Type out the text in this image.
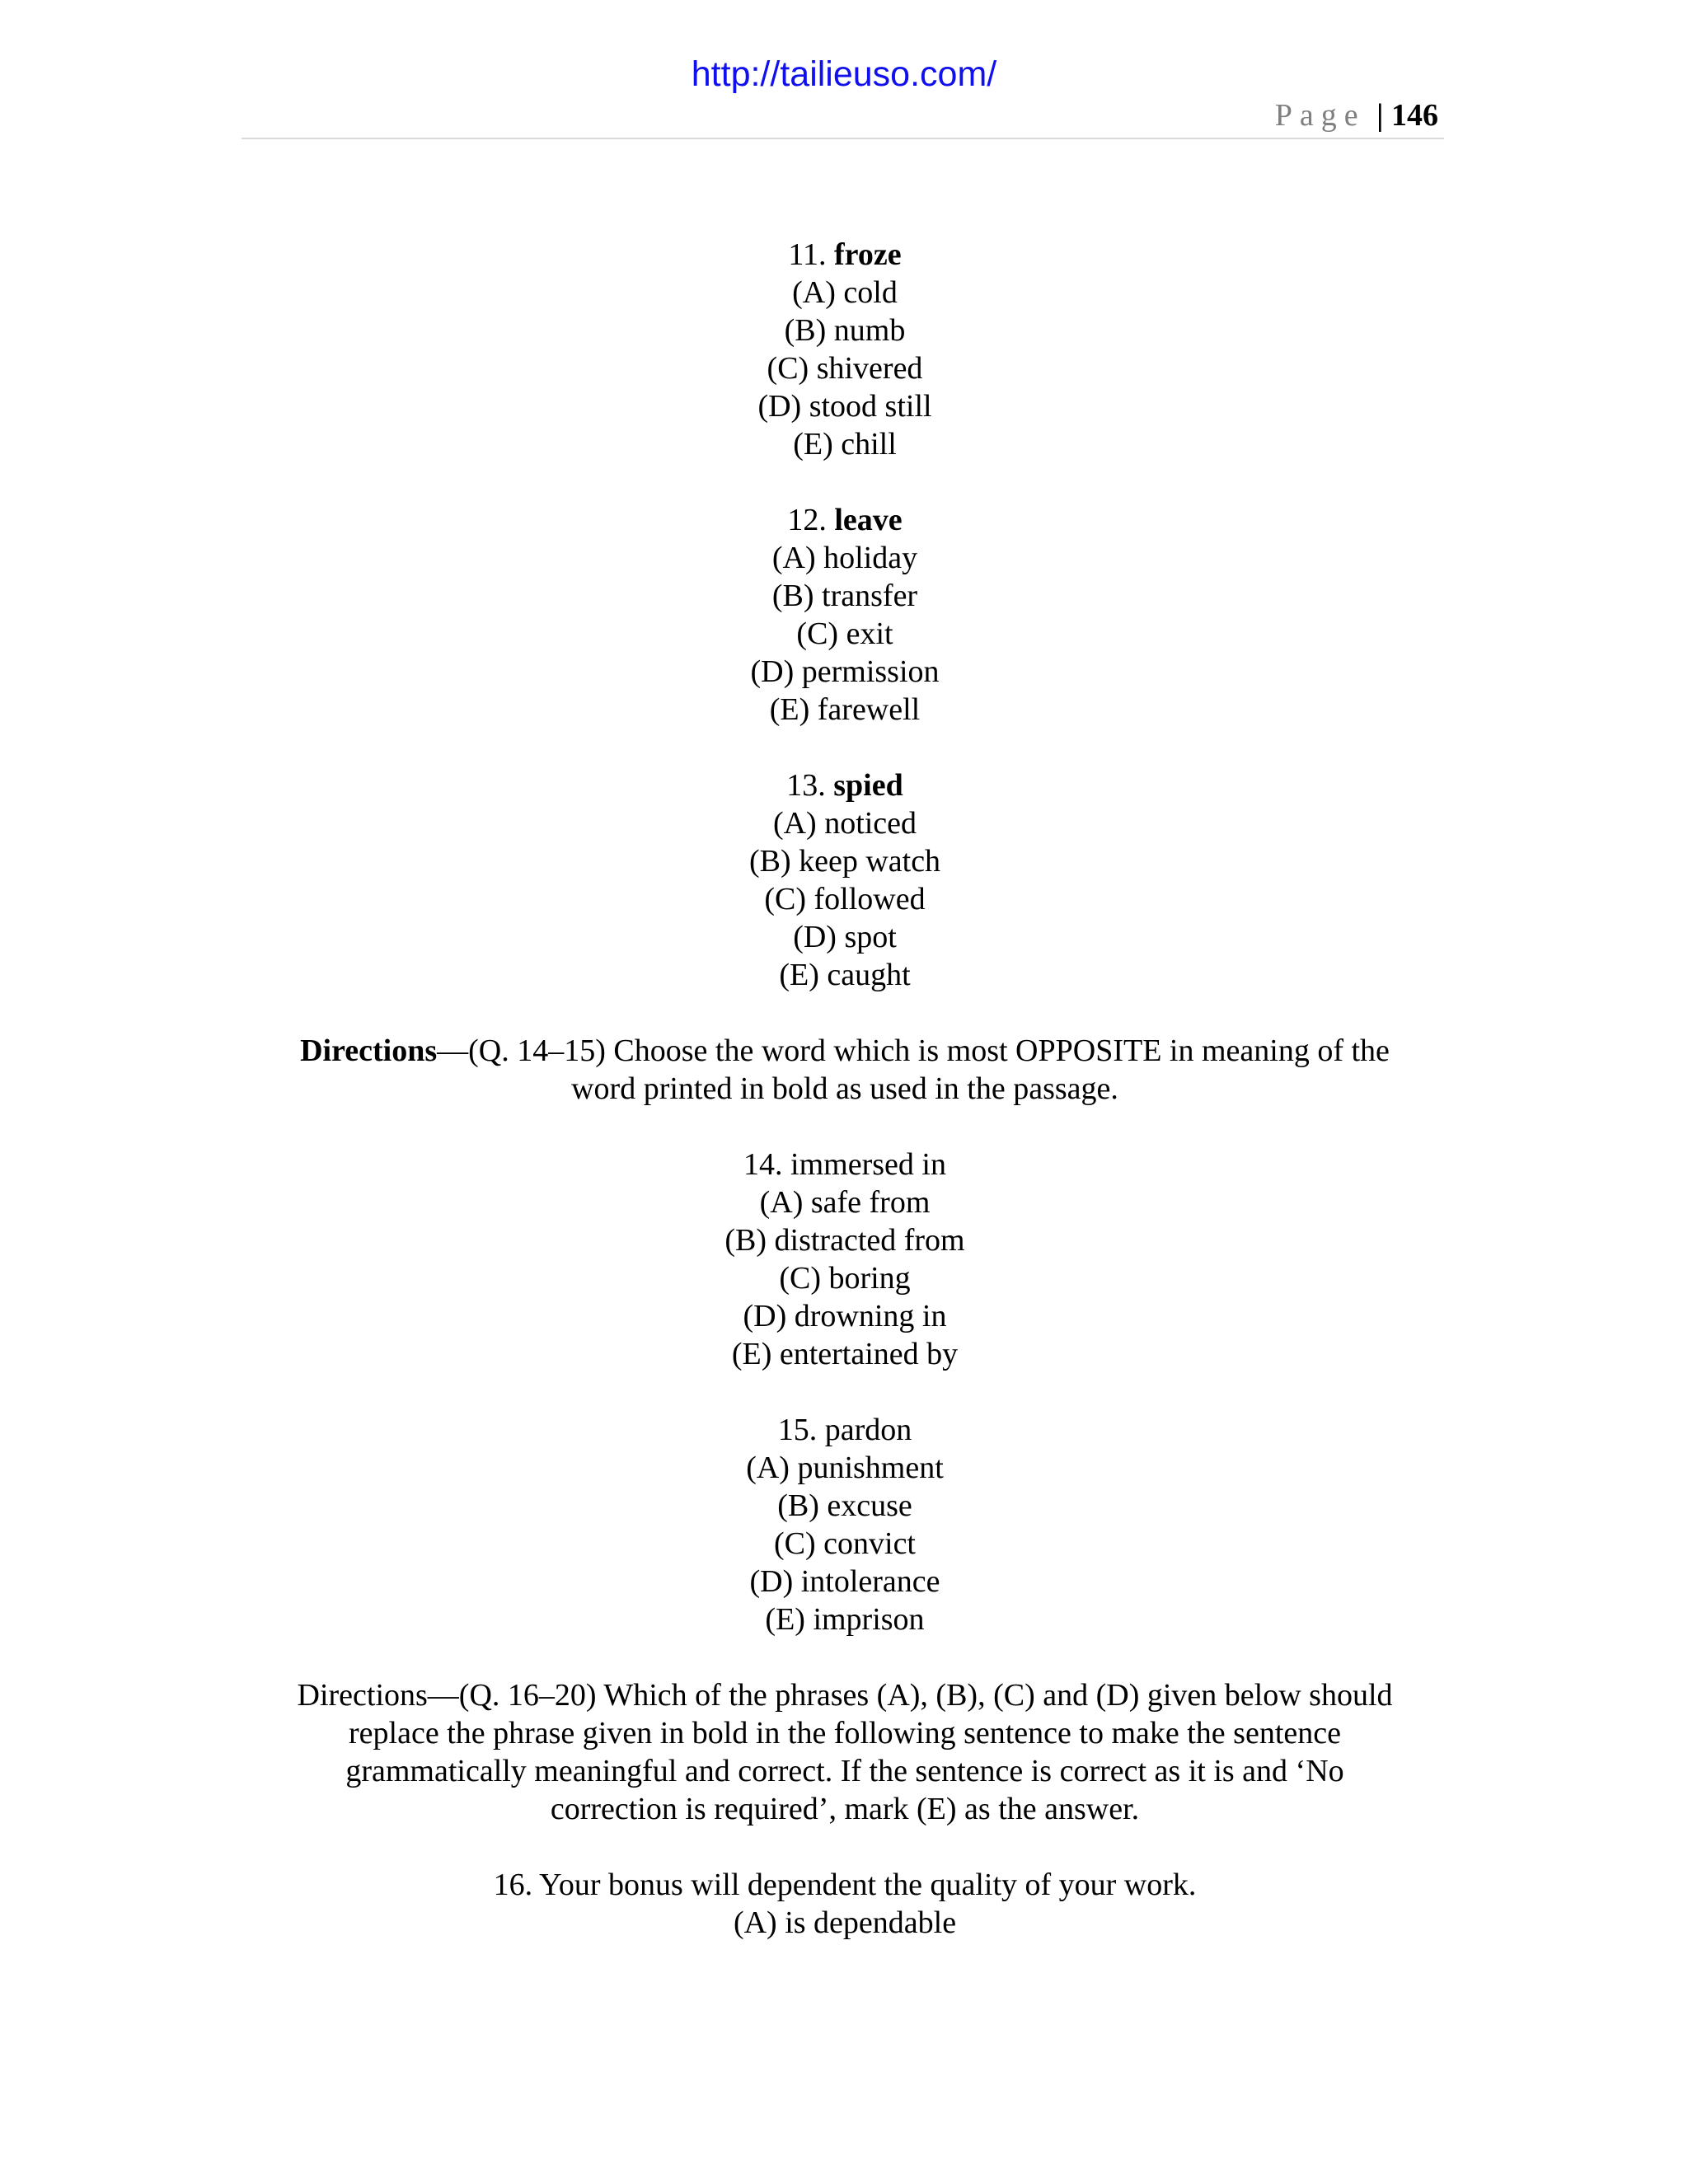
http://tailieuso.com/
Page | 146
11. froze
(A) cold
(B) numb
(C) shivered
(D) stood still
(E) chill
12. leave
(A) holiday
(B) transfer
(C) exit
(D) permission
(E) farewell
13. spied
(A) noticed
(B) keep watch
(C) followed
(D) spot
(E) caught
Directions—(Q. 14–15) Choose the word which is most OPPOSITE in meaning of the
word printed in bold as used in the passage.
14. immersed in
(A) safe from
(B) distracted from
(C) boring
(D) drowning in
(E) entertained by
15. pardon
(A) punishment
(B) excuse
(C) convict
(D) intolerance
(E) imprison
Directions—(Q. 16–20) Which of the phrases (A), (B), (C) and (D) given below should
replace the phrase given in bold in the following sentence to make the sentence
grammatically meaningful and correct. If the sentence is correct as it is and ‘No
correction is required’, mark (E) as the answer.
16. Your bonus will dependent the quality of your work.
(A) is dependable
